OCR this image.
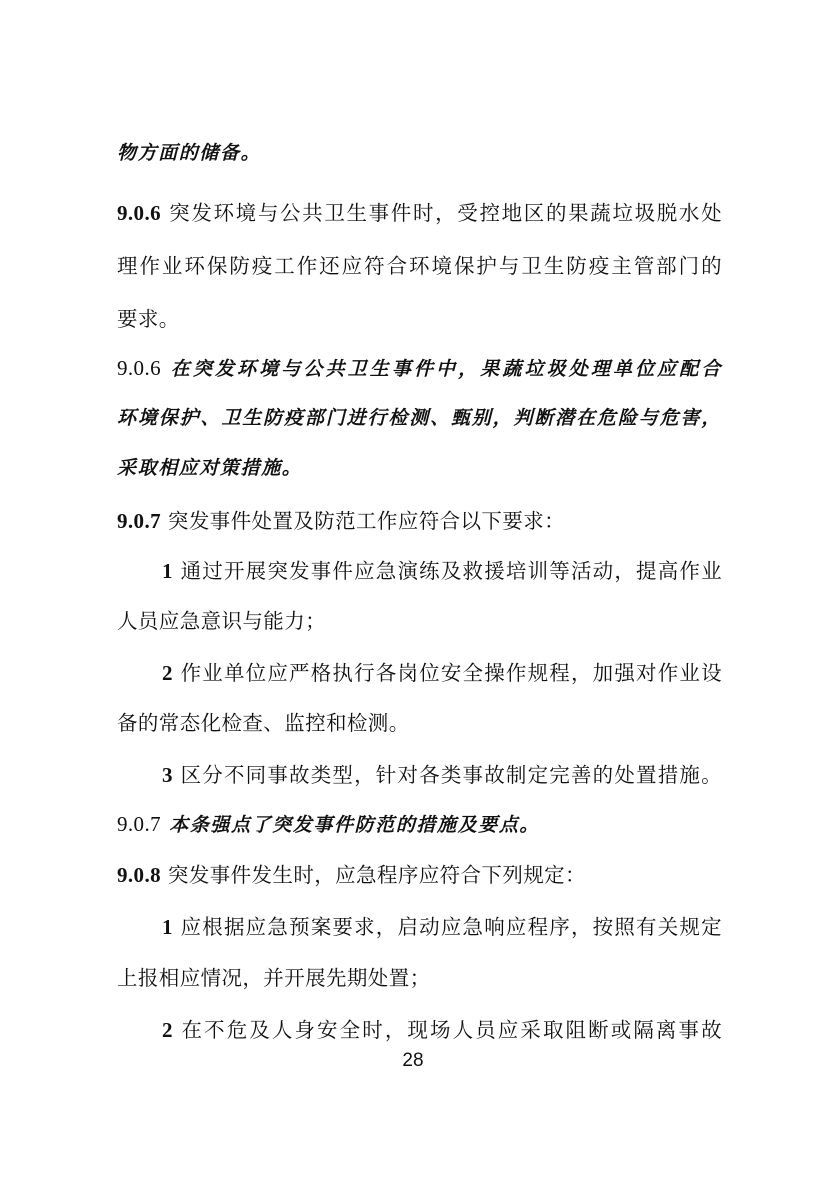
物方面的储备。
9.0.6 突发环境与公共卫生事件时，受控地区的果蔬垃圾脱水处
理作业环保防疫工作还应符合环境保护与卫生防疫主管部门的
要求。
9.0.6 在突发环境与公共卫生事件中，果蔬垃圾处理单位应配合
环境保护、卫生防疫部门进行检测、甄别，判断潜在危险与危害，
采取相应对策措施。
9.0.7 突发事件处置及防范工作应符合以下要求：
1 通过开展突发事件应急演练及救援培训等活动，提高作业
人员应急意识与能力；
2 作业单位应严格执行各岗位安全操作规程，加强对作业设
备的常态化检查、监控和检测。
3 区分不同事故类型，针对各类事故制定完善的处置措施。
9.0.7 本条强点了突发事件防范的措施及要点。
9.0.8 突发事件发生时，应急程序应符合下列规定：
1 应根据应急预案要求，启动应急响应程序，按照有关规定
上报相应情况，并开展先期处置；
2 在不危及人身安全时，现场人员应采取阻断或隔离事故
28
